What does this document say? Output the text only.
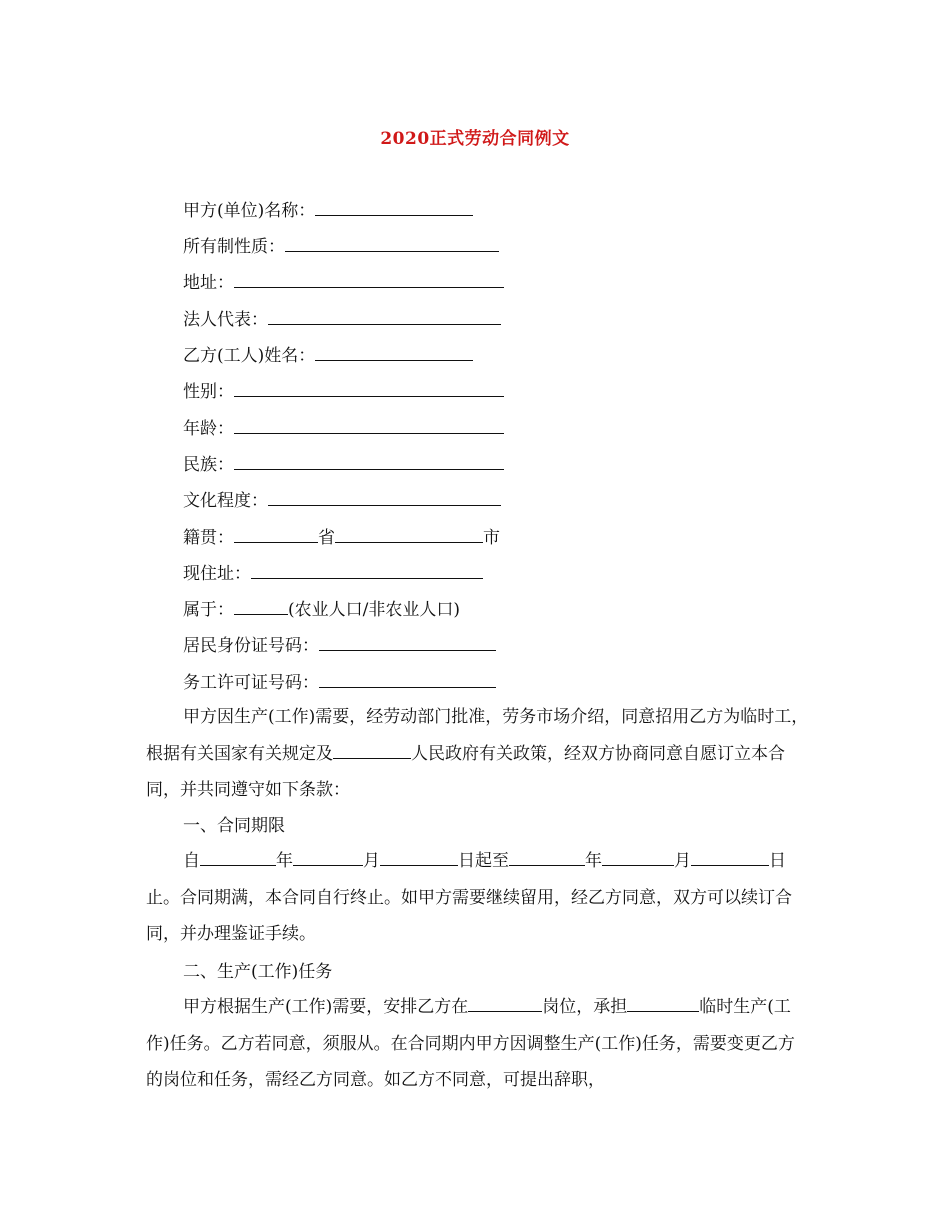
2020正式劳动合同例文
甲方(单位)名称：
所有制性质：
地址：
法人代表：
乙方(工人)姓名：
性别：
年龄：
民族：
文化程度：
籍贯：	省	市
现住址：
属于：	(农业人口/非农业人口)
居民身份证号码：
务工许可证号码：

甲方因生产(工作)需要，经劳动部门批准，劳务市场介绍，同意招用乙方为临时工，根据有关国家有关规定及	人民政府有关政策，经双方协商同意自愿订立本合同，并共同遵守如下条款：

一、合同期限

自	年	月	日起至	年	月	日止。合同期满，本合同自行终止。如甲方需要继续留用，经乙方同意，双方可以续订合同，并办理鉴证手续。

二、生产(工作)任务

甲方根据生产(工作)需要，安排乙方在	岗位，承担	临时生产(工作)任务。乙方若同意，须服从。在合同期内甲方因调整生产(工作)任务，需要变更乙方的岗位和任务，需经乙方同意。如乙方不同意，可提出辞职，
